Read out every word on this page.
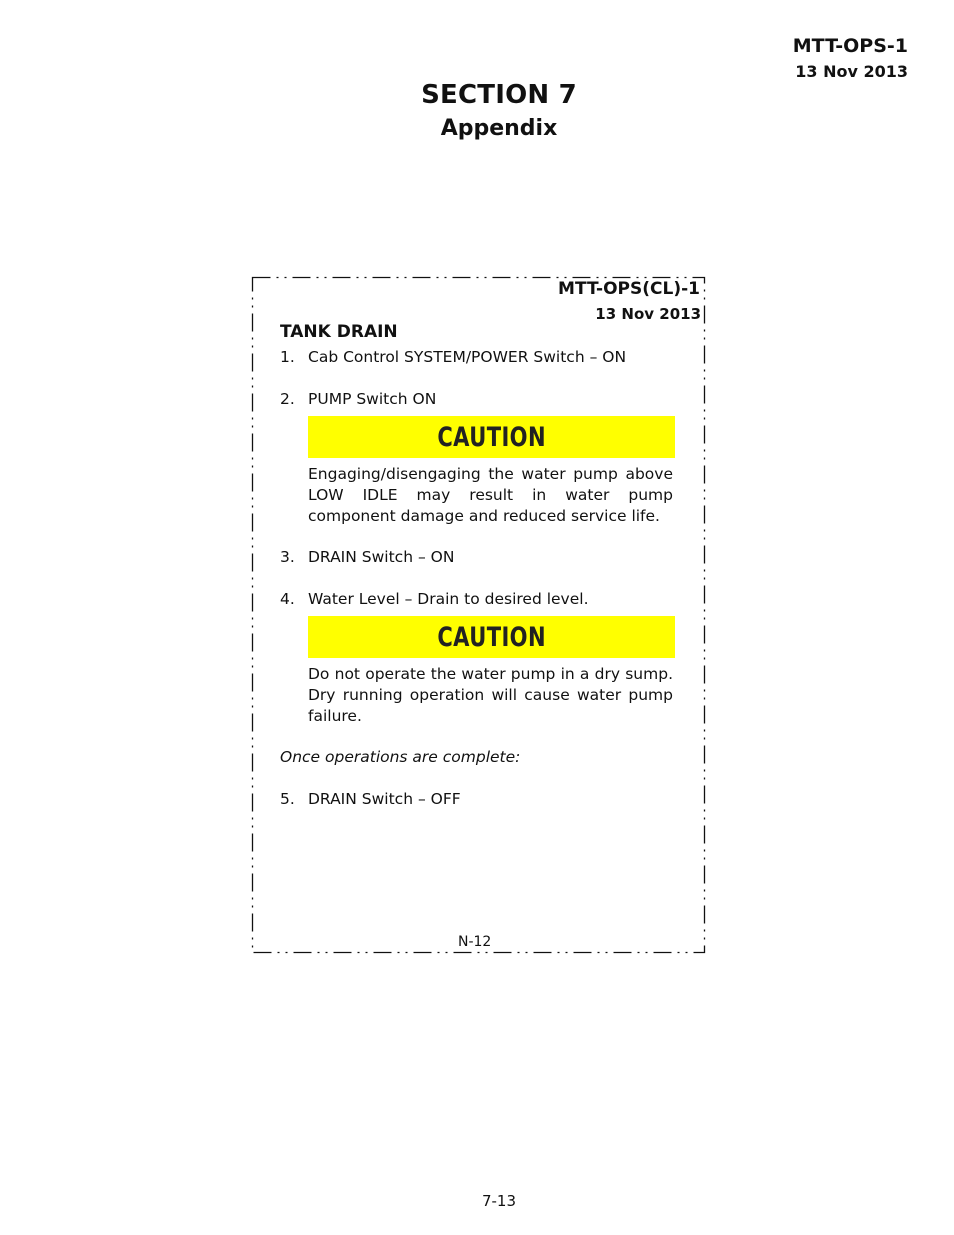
MTT-OPS-1
13 Nov 2013
SECTION 7
Appendix
MTT-OPS(CL)-1
13 Nov 2013
TANK DRAIN
1. Cab Control SYSTEM/POWER Switch – ON
2. PUMP Switch ON
CAUTION
Engaging/disengaging the water pump above LOW IDLE may result in water pump component damage and reduced service life.
3. DRAIN Switch – ON
4. Water Level – Drain to desired level.
CAUTION
Do not operate the water pump in a dry sump. Dry running operation will cause water pump failure.
Once operations are complete:
5. DRAIN Switch – OFF
N-12
7-13
